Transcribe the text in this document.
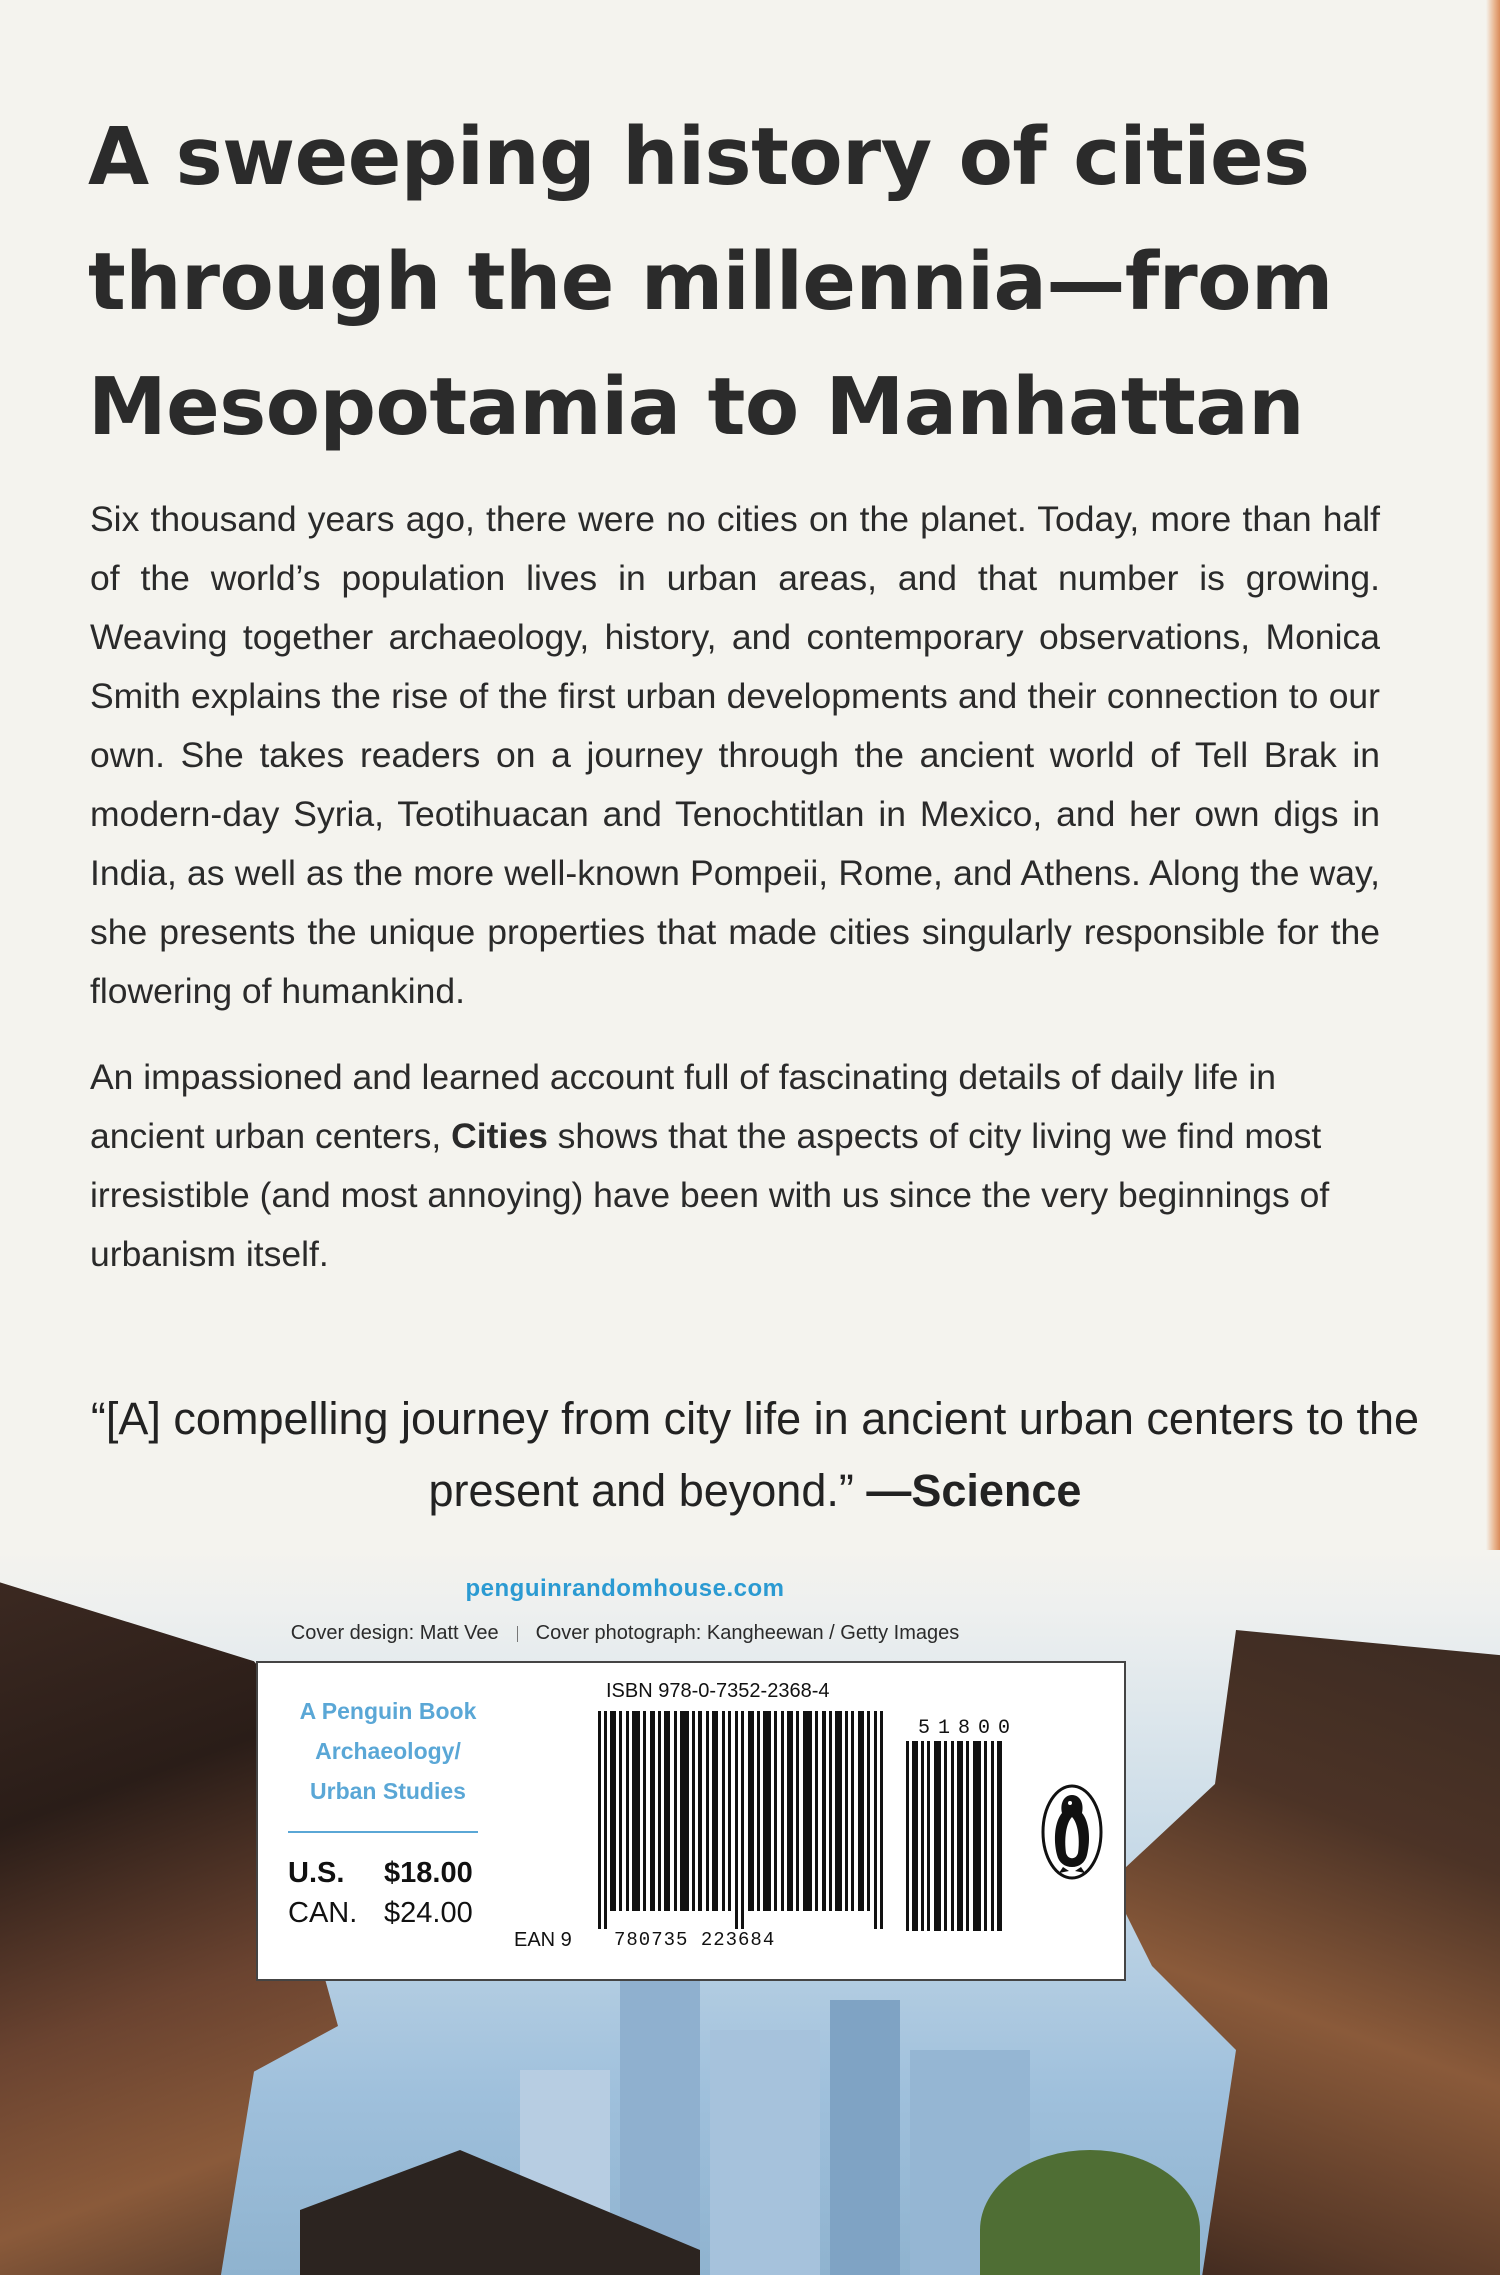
A sweeping history of cities
through the millennia—from
Mesopotamia to Manhattan

Six thousand years ago, there were no cities on the planet. Today, more than half of the world’s population lives in urban areas, and that number is growing. Weaving together archaeology, history, and contemporary observations, Monica Smith explains the rise of the first urban developments and their connection to our own. She takes readers on a journey through the ancient world of Tell Brak in modern-day Syria, Teotihuacan and Tenochtitlan in Mexico, and her own digs in India, as well as the more well-known Pompeii, Rome, and Athens. Along the way, she presents the unique properties that made cities singularly responsible for the flowering of humankind.

An impassioned and learned account full of fascinating details of daily life in ancient urban centers, Cities shows that the aspects of city living we find most irresistible (and most annoying) have been with us since the very beginnings of urbanism itself.

“[A] compelling journey from city life in ancient urban centers to the present and beyond.” —Science
penguinrandomhouse.com
Cover design: Matt Vee Cover photograph: Kangheewan / Getty Images
A Penguin Book
Archaeology/
Urban Studies
U.S.	$18.00
CAN. $24.00
ISBN 978-0-7352-2368-4
51800
EAN 9 780735 223684
